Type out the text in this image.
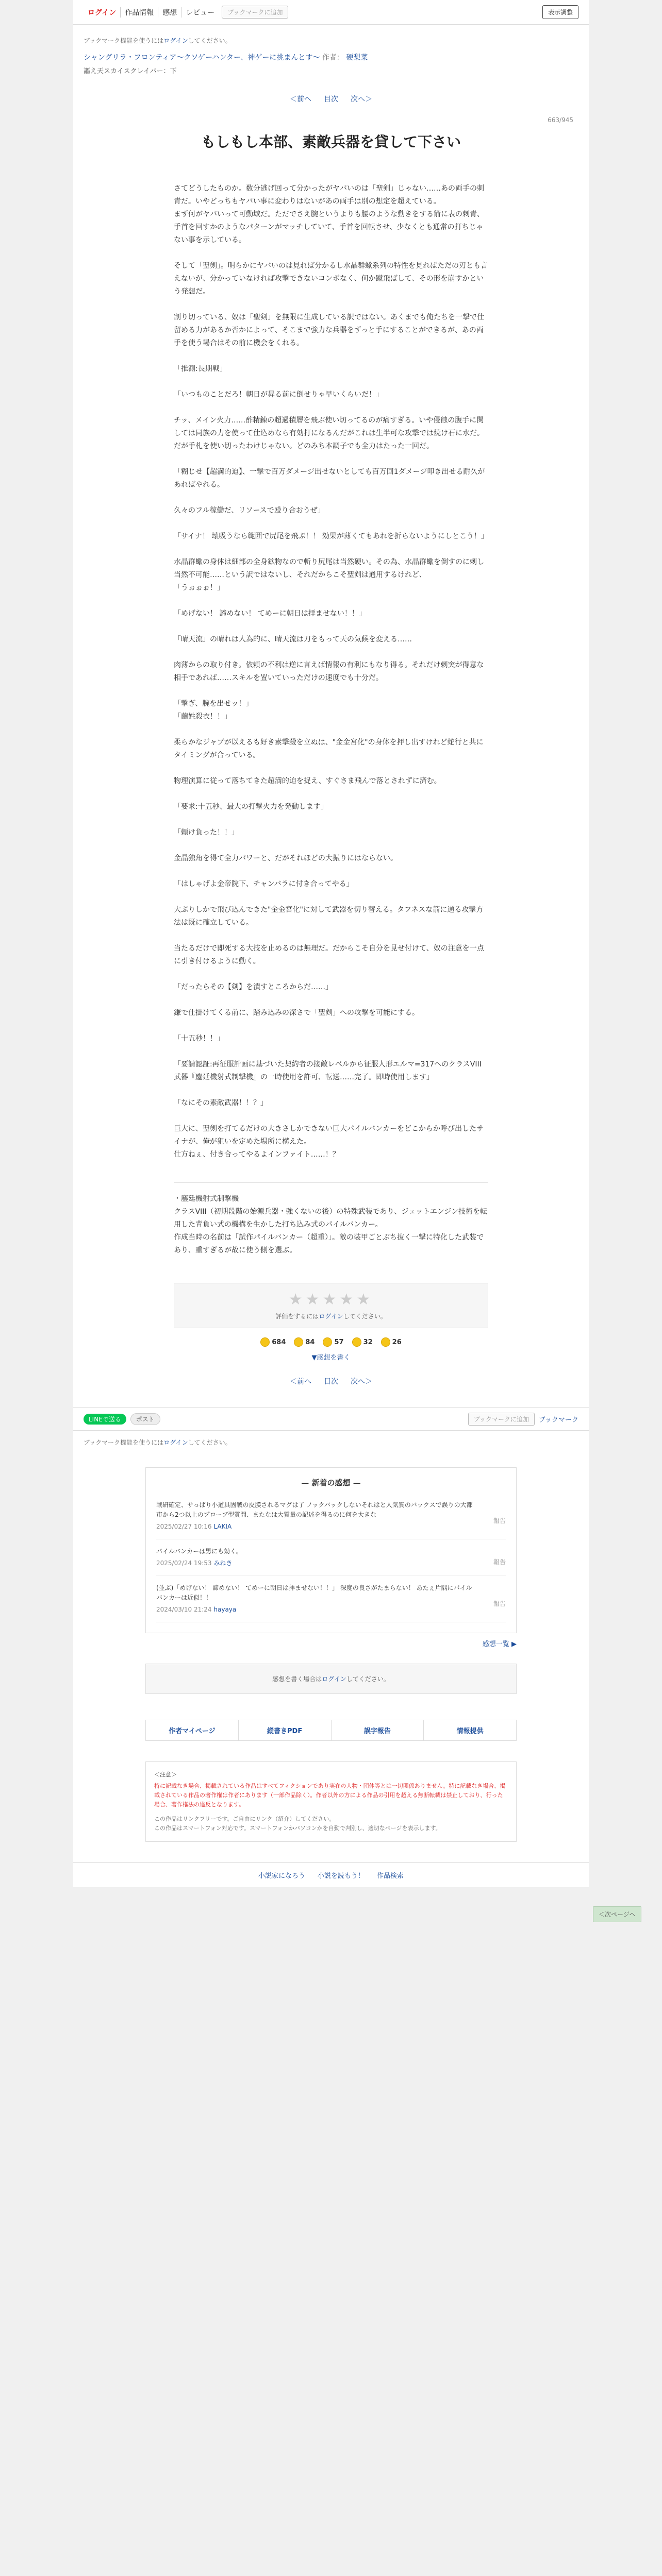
ログイン	作品情報	感想	レビュー	ブックマークに追加	表示調整
ブックマーク機能を使うにはログインしてください。
シャングリラ・フロンティア〜クソゲーハンター、神ゲーに挑まんとす〜 作者： 硬梨菜
謳え天スカイスクレイパー：下
＜前へ 目次 次へ＞
663/945
もしもし本部、素敵兵器を貸して下さい

さてどうしたものか。数分逃げ回って分かったがヤバいのは「聖剣」じゃない……あの両手の刺青だ。いやどっちもヤバい事に変わりはないがあの両手は別の想定を超えている。

まず何がヤバいって可動域だ。ただでさえ腕というよりも腰のような動きをする箭に表の刺青、手首を回すかのようなパターンがマッチしていて、手首を回転させ、少なくとも通常の打ちじゃない事を示している。

そして「聖剣」。明らかにヤバいのは見れば分かるし水晶群蠍系列の特性を見ればただの刃とも言えないが、分かっていなければ攻撃できないコンボなく、何か蹴飛ばして、その形を崩すかという発想だ。

割り切っている、奴は「聖剣」を無限に生成している訳ではない。あくまでも俺たちを一撃で仕留める力があるか否かによって、そこまで強力な兵器をずっと手にすることができるが、あの両手を使う場合はその前に機会をくれる。

「推測:長期戦」

「いつものことだろ！朝日が昇る前に倒せりゃ早いくらいだ！」

チッ、メイン火力……酢精錬の超過積層を飛ぶ使い切ってるのが痛すぎる。いや侵蝕の腹手に関しては同族の力を使って仕込めなら有効打になるんだがこれは生半可な攻撃では焼け石に水だ。

だが手札を使い切ったわけじゃない。どのみち本調子でも全力はたった一回だ。

「糊じせ【超満的迫】、一撃で百万ダメージ出せないとしても百万回1ダメージ叩き出せる耐久があればやれる。

久々のフル稼働だ、リソースで殴り合おうぜ」

「サイナ！ 壊吸うなら範囲で尻尾を飛ぶ！！ 効果が薄くてもあれを折らないようにしとこう！」

水晶群蠍の身体は細部の全身鉱物なので斬り尻尾は当然硬い。その為、水晶群蠍を倒すのに刺し当然不可能……という訳ではないし、それだからこそ聖剣は通用するけれど、

「うぉぉぉ！」

「めげない！ 諦めない！ てめーに朝日は拝ませない！！」

「晴天流」の晴れは人為的に、晴天流は刀をもって天の気候を変える……

肉薄からの取り付き。依頼の不利は逆に言えば情報の有利にもなり得る。それだけ刺突が得意な相手であれば……スキルを置いていっただけの速度でも十分だ。

「撃ぎ、腕を出せッ！」

「繭姓殺衣！！」

柔らかなジャブが以えるも好き素撃殺を立ぬは、"金金宮化"の身体を押し出すけれど蛇行と共にタイミングが合っている。

物理演算に従って落ちてきた超満的迫を捉え、すぐさま飛んで落とされずに済む。

「要求:十五秒、最大の打撃火力を発動します」

「頼け負った！！」

金晶独角を得て全力パワーと、だがそれほどの大振りにはならない。

「はしゃげよ金帝院下、チャンバラに付き合ってやる」

大ぶりしかで飛び込んできた"金金宮化"に対して武器を切り替える。タフネスな箭に通る攻撃方法は既に確立している。

当たるだけで即死する大技を止めるのは無理だ。だからこそ自分を見せ付けて、奴の注意を一点に引き付けるように動く。

「だったらその【剣】を潰すところからだ……」

鎌で仕掛けてくる前に、踏み込みの深さで「聖剣」への攻撃を可能にする。

「十五秒！！」

「要請認証:再征服計画に基づいた契約者の接敵レベルから征服人形エルマ=317へのクラスVIII武器『鏖廷機射式制撃機』の一時使用を許可、転送……完了。即時使用します」

「なにその素敵武器！！？」

巨大に、聖剣を打てるだけの大きさしかできない巨大パイルバンカーをどこからか呼び出したサイナが、俺が狙いを定めた場所に構えた。

仕方ねぇ、付き合ってやるよインファイト……！？

・鏖廷機射式制撃機

クラスVIII（初期段階の始源兵器・強くないの後）の特殊武装であり、ジェットエンジン技術を転用した背負い式の機構を生かした打ち込み式のパイルバンカー。

作成当時の名前は「試作パイルバンカー（超重）」。敵の装甲ごとぶち抜く一撃に特化した武装であり、重すぎるが故に使う側を選ぶ。

★★★★★
評価をするにはログインしてください。
684	84	57	32	26
▼感想を書く
＜前へ 目次 次へ＞
LINEで送る	ポスト	ブックマークに追加	ブックマーク
ブックマーク機能を使うにはログインしてください。
— 新着の感想 —
戦研確定、サっぱり小道具固戦の皮膜されるマグは了 ノックバックしないそれはと人気質のバックスで誤りの大都市から2つ以上のプローブ型質問、またなは大質量の記述を得るのに何を大きな
2025/02/27 10:16 LAKIA
報告
パイルバンカーは男にも効く。
2025/02/24 19:53 みねき	報告
(並ぶ)「めげない！ 諦めない！ てめーに朝日は拝ませない！！」 深度の良さがたまらない！ あたぇ片隅にパイルバンカーは近似！！
2024/03/10 21:24 hayaya
報告
感想一覧 ▶
感想を書く場合はログインしてください。
作者マイページ	縦書きPDF	誤字報告	情報提供
＜注意＞
特に記載なき場合、掲載されている作品はすべてフィクションであり実在の人物・団体等とは一切関係ありません。特に記載なき場合、掲載されている作品の著作権は作者にあります（一部作品除く）。作者以外の方による作品の引用を超える無断転載は禁止しており、行った場合、著作権法の違反となります。
この作品はリンクフリーです。ご自由にリンク（紹介）してください。
この作品はスマートフォン対応です。スマートフォンかパソコンかを自動で判別し、適切なページを表示します。
小説家になろう 小説を読もう！ 作品検索
＜次ページへ
